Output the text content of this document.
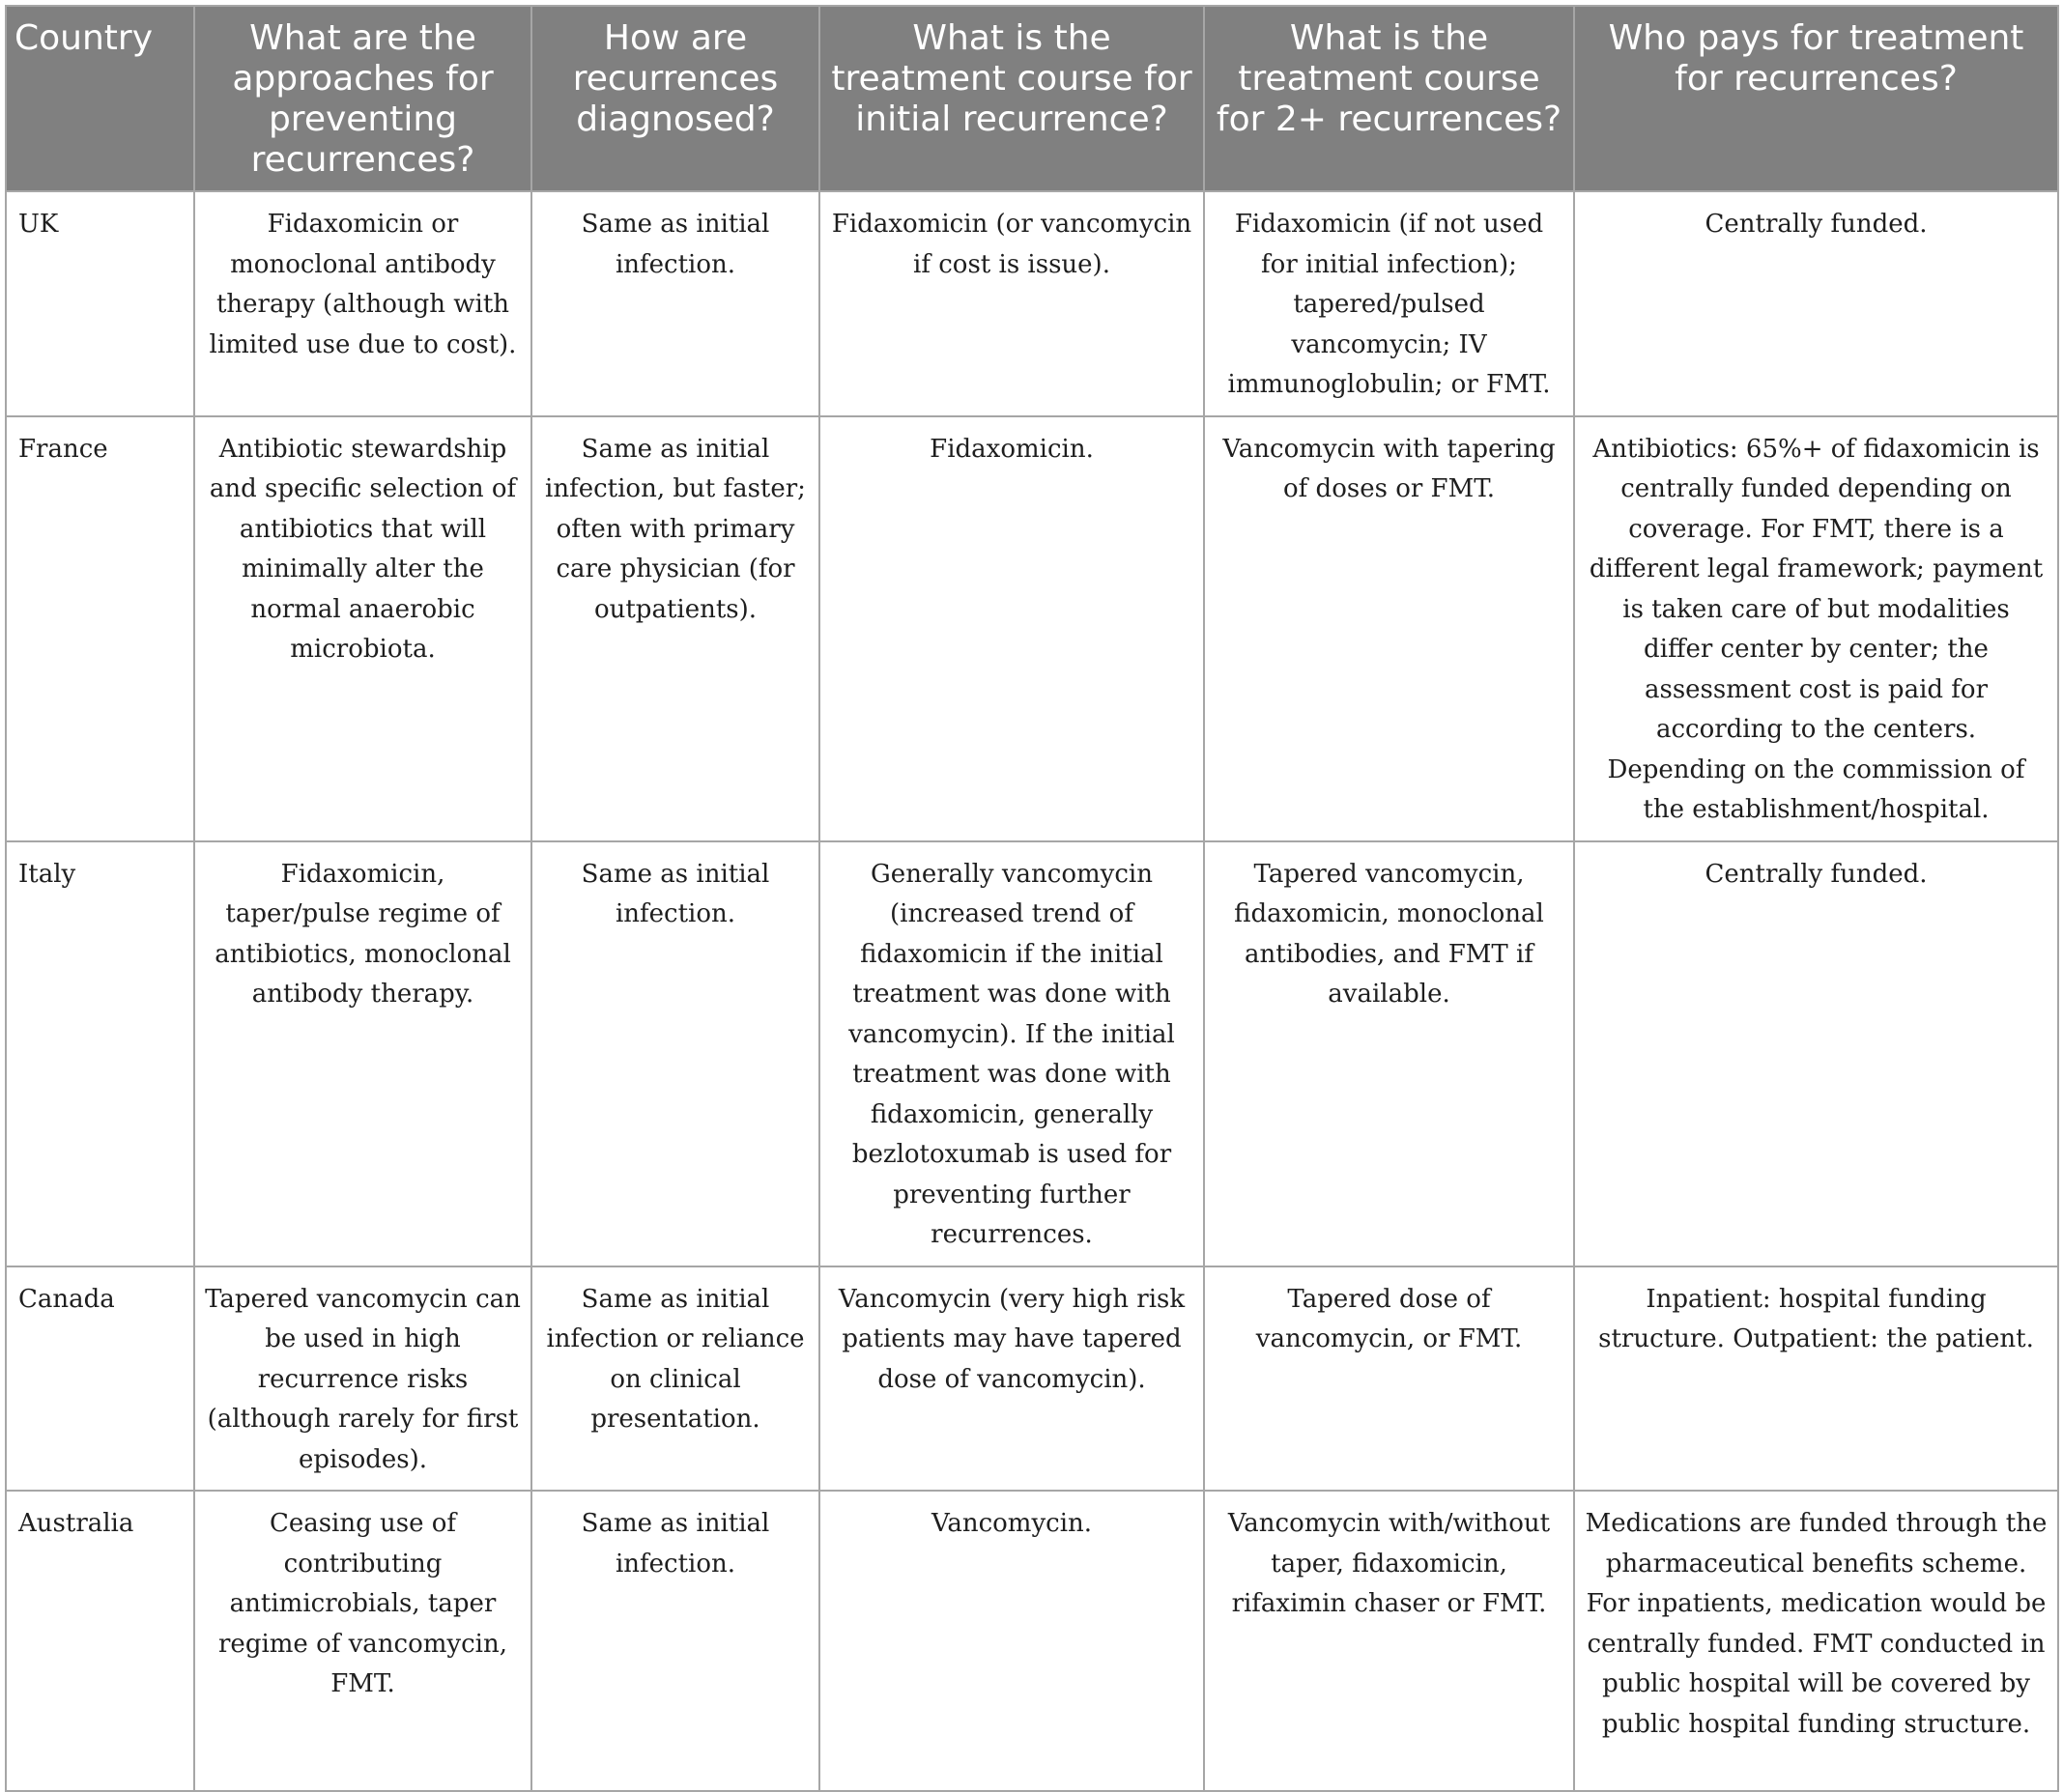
Country	What are the approaches for preventing recurrences?	How are recurrences diagnosed?	What is the treatment course for initial recurrence?	What is the treatment course for 2+ recurrences?	Who pays for treatment for recurrences?
UK	Fidaxomicin or monoclonal antibody therapy (although with limited use due to cost).	Same as initial infection.	Fidaxomicin (or vancomycin if cost is issue).	Fidaxomicin (if not used for initial infection); tapered/pulsed vancomycin; IV immunoglobulin; or FMT.	Centrally funded.
France	Antibiotic stewardship and specific selection of antibiotics that will minimally alter the normal anaerobic microbiota.	Same as initial infection, but faster; often with primary care physician (for outpatients).	Fidaxomicin.	Vancomycin with tapering of doses or FMT.	Antibiotics: 65%+ of fidaxomicin is centrally funded depending on coverage. For FMT, there is a different legal framework; payment is taken care of but modalities differ center by center; the assessment cost is paid for according to the centers. Depending on the commission of the establishment/hospital.
Italy	Fidaxomicin, taper/pulse regime of antibiotics, monoclonal antibody therapy.	Same as initial infection.	Generally vancomycin (increased trend of fidaxomicin if the initial treatment was done with vancomycin). If the initial treatment was done with fidaxomicin, generally bezlotoxumab is used for preventing further recurrences.	Tapered vancomycin, fidaxomicin, monoclonal antibodies, and FMT if available.	Centrally funded.
Canada	Tapered vancomycin can be used in high recurrence risks (although rarely for first episodes).	Same as initial infection or reliance on clinical presentation.	Vancomycin (very high risk patients may have tapered dose of vancomycin).	Tapered dose of vancomycin, or FMT.	Inpatient: hospital funding structure. Outpatient: the patient.
Australia	Ceasing use of contributing antimicrobials, taper regime of vancomycin, FMT.	Same as initial infection.	Vancomycin.	Vancomycin with/without taper, fidaxomicin, rifaximin chaser or FMT.	Medications are funded through the pharmaceutical benefits scheme. For inpatients, medication would be centrally funded. FMT conducted in public hospital will be covered by public hospital funding structure.
